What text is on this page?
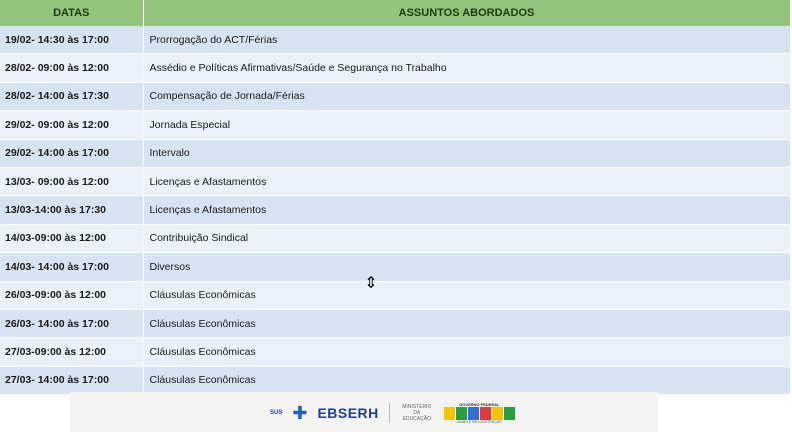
DATAS	ASSUNTOS ABORDADOS
19/02- 14:30 às 17:00	Prorrogação do ACT/Férias
28/02- 09:00 às 12:00	Assédio e Políticas Afirmativas/Saúde e Segurança no Trabalho
28/02- 14:00 às 17:30	Compensação de Jornada/Férias
29/02- 09:00 às 12:00	Jornada Especial
29/02- 14:00 às 17:00	Intervalo
13/03- 09:00 às 12:00	Licenças e Afastamentos
13/03-14:00 às 17:30	Licenças e Afastamentos
14/03-09:00 às 12:00	Contribuição Sindical
14/03- 14:00 às 17:00	Diversos
26/03-09:00 às 12:00	Cláusulas Econômicas
26/03- 14:00 às 17:00	Cláusulas Econômicas
27/03-09:00 às 12:00	Cláusulas Econômicas
27/03- 14:00 às 17:00	Cláusulas Econômicas
⇕
SUS ✚ EBSERH	MINISTÉRIO DA EDUCAÇÃO
GOVERNO FEDERAL
UNIÃO E RECONSTRUÇÃO
